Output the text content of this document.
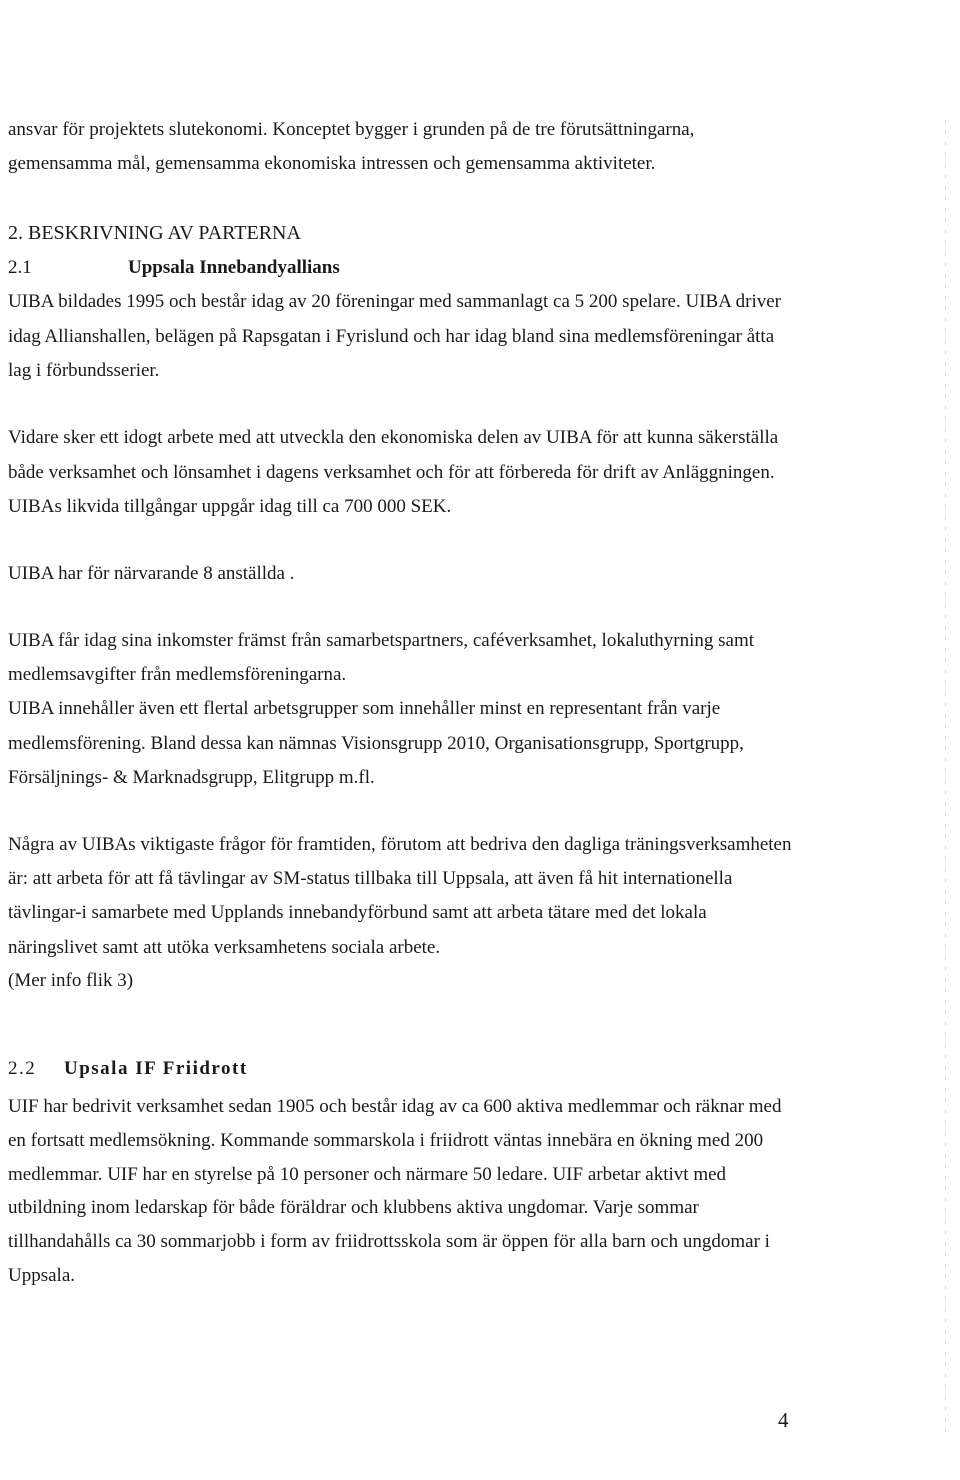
ansvar för projektets slutekonomi. Konceptet bygger i grunden på de tre förutsättningarna,
gemensamma mål, gemensamma ekonomiska intressen och gemensamma aktiviteter.
2. BESKRIVNING AV PARTERNA
2.1	Uppsala Innebandyallians
UIBA bildades 1995 och består idag av 20 föreningar med sammanlagt ca 5 200 spelare. UIBA driver
idag Allianshallen, belägen på Rapsgatan i Fyrislund och har idag bland sina medlemsföreningar åtta
lag i förbundsserier.
Vidare sker ett idogt arbete med att utveckla den ekonomiska delen av UIBA för att kunna säkerställa
både verksamhet och lönsamhet i dagens verksamhet och för att förbereda för drift av Anläggningen.
UIBAs likvida tillgångar uppgår idag till ca 700 000 SEK.
UIBA har för närvarande 8 anställda .
UIBA får idag sina inkomster främst från samarbetspartners, caféverksamhet, lokaluthyrning samt
medlemsavgifter från medlemsföreningarna.
UIBA innehåller även ett flertal arbetsgrupper som innehåller minst en representant från varje
medlemsförening. Bland dessa kan nämnas Visionsgrupp 2010, Organisationsgrupp, Sportgrupp,
Försäljnings- & Marknadsgrupp, Elitgrupp m.fl.
Några av UIBAs viktigaste frågor för framtiden, förutom att bedriva den dagliga träningsverksamheten
är: att arbeta för att få tävlingar av SM-status tillbaka till Uppsala, att även få hit internationella
tävlingar-i samarbete med Upplands innebandyförbund samt att arbeta tätare med det lokala
näringslivet samt att utöka verksamhetens sociala arbete.
(Mer info flik 3)
2.2 Upsala IF Friidrott
UIF har bedrivit verksamhet sedan 1905 och består idag av ca 600 aktiva medlemmar och räknar med
en fortsatt medlemsökning. Kommande sommarskola i friidrott väntas innebära en ökning med 200
medlemmar. UIF har en styrelse på 10 personer och närmare 50 ledare. UIF arbetar aktivt med
utbildning inom ledarskap för både föräldrar och klubbens aktiva ungdomar. Varje sommar
tillhandahålls ca 30 sommarjobb i form av friidrottsskola som är öppen för alla barn och ungdomar i
Uppsala.
4
